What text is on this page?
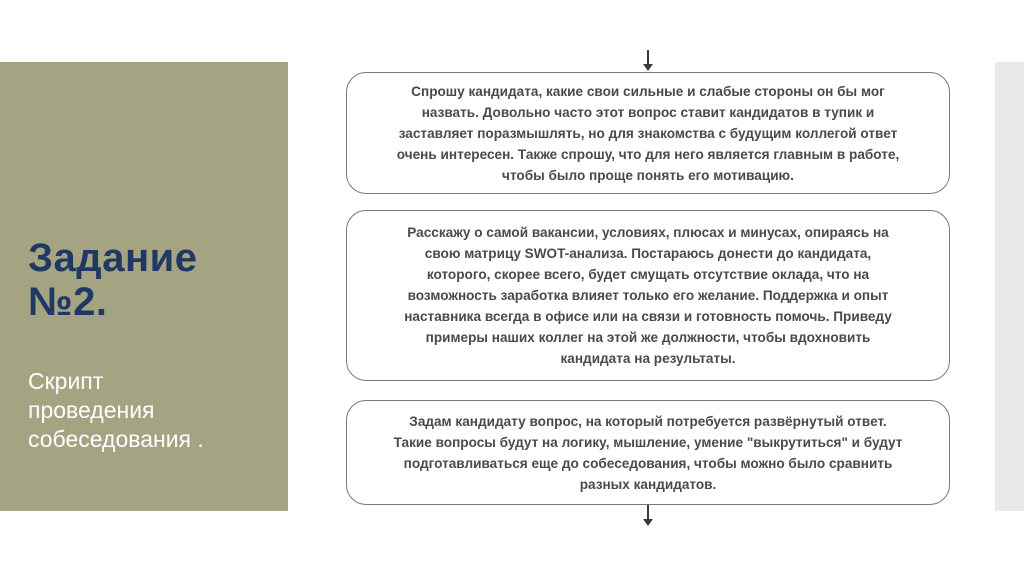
Задание
№2.

Скрипт
проведения
собеседования .

Спрошу кандидата, какие свои сильные и слабые стороны он бы мог
назвать. Довольно часто этот вопрос ставит кандидатов в тупик и
заставляет поразмышлять, но для знакомства с будущим коллегой ответ
очень интересен. Также спрошу, что для него является главным в работе,
чтобы было проще понять его мотивацию.
Расскажу о самой вакансии, условиях, плюсах и минусах, опираясь на
свою матрицу SWOT-анализа. Постараюсь донести до кандидата,
которого, скорее всего, будет смущать отсутствие оклада, что на
возможность заработка влияет только его желание. Поддержка и опыт
наставника всегда в офисе или на связи и готовность помочь. Приведу
примеры наших коллег на этой же должности, чтобы вдохновить
кандидата на результаты.
Задам кандидату вопрос, на который потребуется развёрнутый ответ.
Такие вопросы будут на логику, мышление, умение "выкрутиться" и будут
подготавливаться еще до собеседования, чтобы можно было сравнить
разных кандидатов.
